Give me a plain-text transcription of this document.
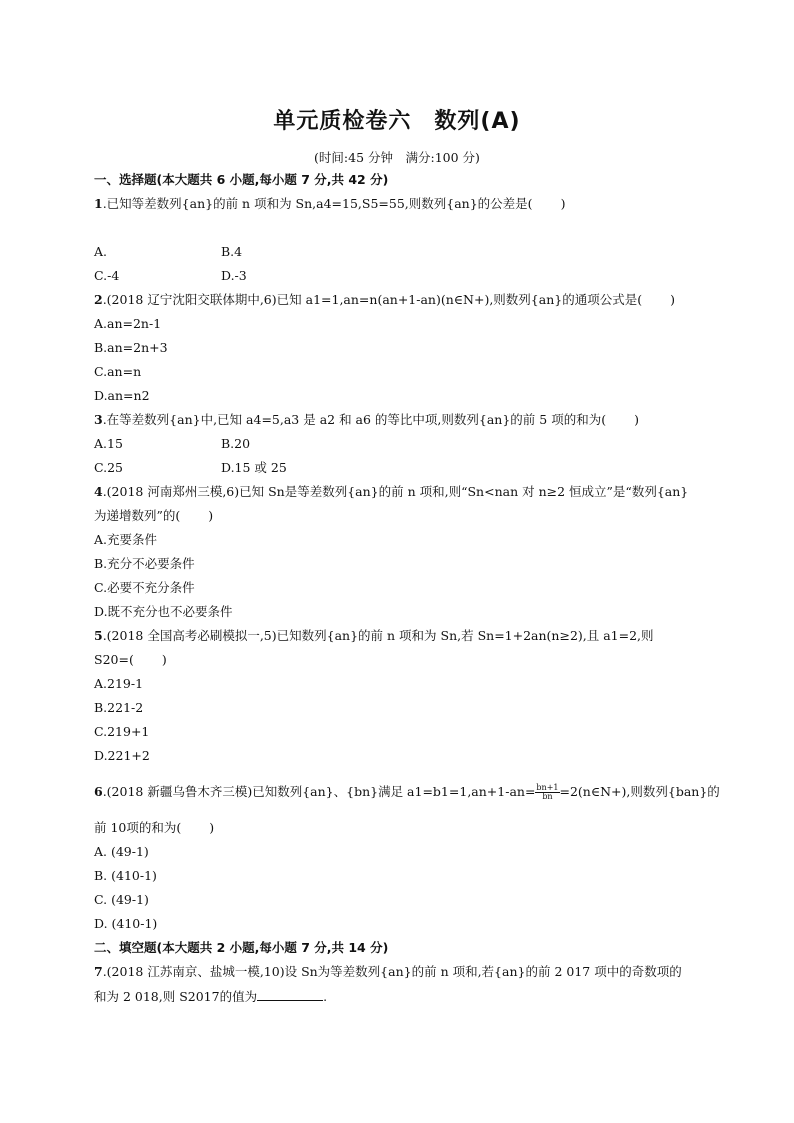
单元质检卷六　数列(A)
(时间:45 分钟　满分:100 分)
一、选择题(本大题共 6 小题,每小题 7 分,共 42 分)
1.已知等差数列{an}的前 n 项和为 Sn,a4=15,S5=55,则数列{an}的公差是( )
A.	B.4
C.-4	D.-3
2.(2018 辽宁沈阳交联体期中,6)已知 a1=1,an=n(an+1-an)(n∈N+),则数列{an}的通项公式是( )
A.an=2n-1
B.an=2n+3
C.an=n
D.an=n2
3.在等差数列{an}中,已知 a4=5,a3 是 a2 和 a6 的等比中项,则数列{an}的前 5 项的和为( )
A.15	B.20
C.25	D.15 或 25
4.(2018 河南郑州三模,6)已知 Sn是等差数列{an}的前 n 项和,则“Sn<nan 对 n≥2 恒成立”是“数列{an}
为递增数列”的( )
A.充要条件
B.充分不必要条件
C.必要不充分条件
D.既不充分也不必要条件
5.(2018 全国高考必刷模拟一,5)已知数列{an}的前 n 项和为 Sn,若 Sn=1+2an(n≥2),且 a1=2,则
S20=( )
A.219-1
B.221-2
C.219+1
D.221+2
6.(2018 新疆乌鲁木齐三模)已知数列{an}、{bn}满足 $a1=b1=1,an+1-an= \frac{bn+1}{bn}$ =2(n∈N+),则数列{ban}的
前 10项的和为( )
A. (49-1)
B. (410-1)
C. (49-1)
D. (410-1)
二、填空题(本大题共 2 小题,每小题 7 分,共 14 分)
7.(2018 江苏南京、盐城一模,10)设 Sn为等差数列{an}的前 n 项和,若{an}的前 2 017 项中的奇数项的
和为 2 018,则 S2017的值为	.
